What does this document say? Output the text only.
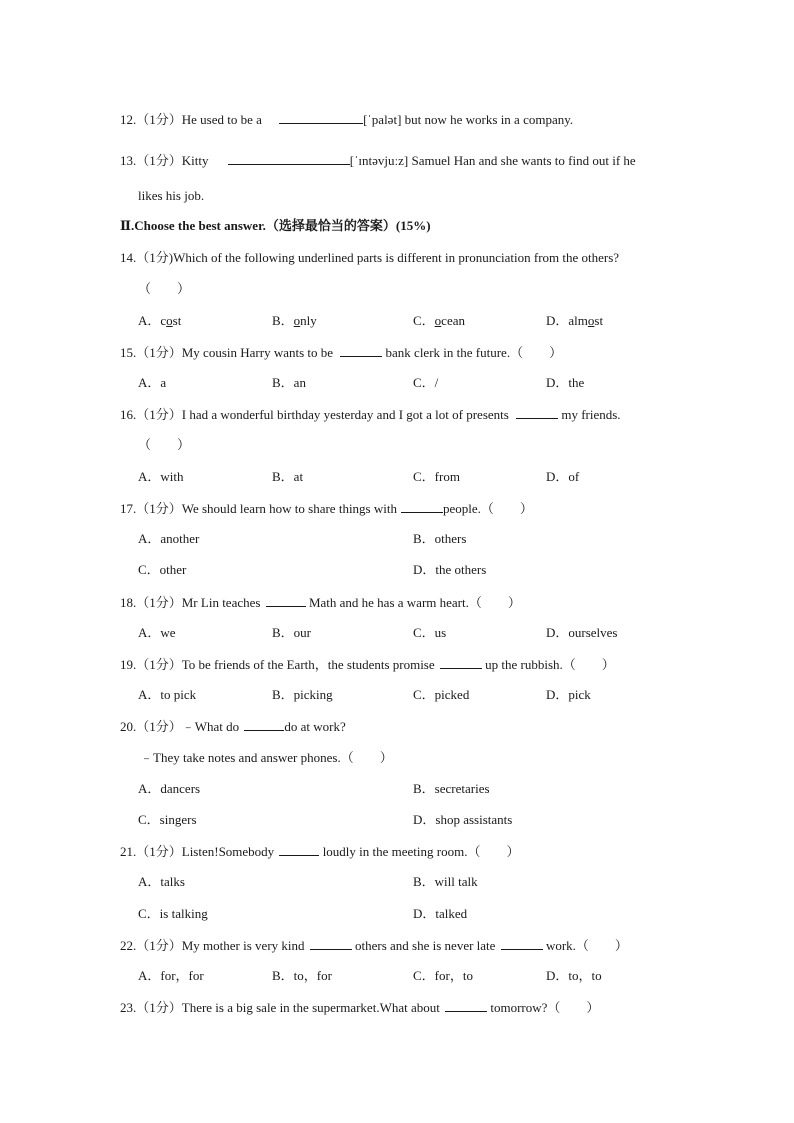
12.（1分）He used to be a	[ˈpalət] but now he works in a company.
13.（1分）Kitty	[ˈɪntəvjuːz] Samuel Han and she wants to find out if he
likes his job.
Ⅱ.Choose the best answer.（选择最恰当的答案）(15%)
14.（1分)Which of the following underlined parts is different in pronunciation from the others?
（　　）
A．cost	B．only	C．ocean	D．almost
15.（1分）My cousin Harry wants to be	bank clerk in the future.（　　）
A．a	B．an	C．/	D．the
16.（1分）I had a wonderful birthday yesterday and I got a lot of presents	my friends.
（　　）
A．with	B．at	C．from	D．of
17.（1分）We should learn how to share things with	people.（　　）
A．another	B．others
C．other	D．the others
18.（1分）Mr Lin teaches	Math and he has a warm heart.（　　）
A．we	B．our	C．us	D．ourselves
19.（1分）To be friends of the Earth，the students promise	up the rubbish.（　　）
A．to pick	B．picking	C．picked	D．pick
20.（1分）﹣What do	do at work?
﹣They take notes and answer phones.（　　）
A．dancers	B．secretaries
C．singers	D．shop assistants
21.（1分）Listen!Somebody	loudly in the meeting room.（　　）
A．talks	B．will talk
C．is talking	D．talked
22.（1分）My mother is very kind	others and she is never late	work.（　　）
A．for，for	B．to，for	C．for，to	D．to，to
23.（1分）There is a big sale in the supermarket.What about	tomorrow?（　　）
